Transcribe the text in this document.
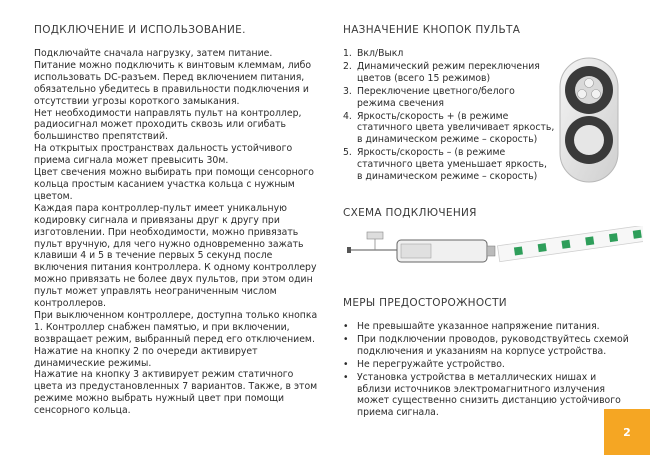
ПОДКЛЮЧЕНИЕ И ИСПОЛЬЗОВАНИЕ.

Подключайте сначала нагрузку, затем питание.

Питание можно подключить к винтовым клеммам, либо использовать DC-разъем. Перед включением питания, обязательно убедитесь в правильности подключения и отсутствии угрозы короткого замыкания.

Нет необходимости направлять пульт на контроллер, радиосигнал может проходить сквозь или огибать большинство препятствий.

На открытых пространствах дальность устойчивого приема сигнала может превысить 30м.

Цвет свечения можно выбирать при помощи сенсорного кольца простым касанием участка кольца с нужным цветом.

Каждая пара контроллер-пульт имеет уникальную кодировку сигнала и привязаны друг к другу при изготовлении. При необходимости, можно привязать пульт вручную, для чего нужно одновременно зажать клавиши 4 и 5 в течение первых 5 секунд после включения питания контроллера. К одному контроллеру можно привязать не более двух пультов, при этом один пульт может управлять неограниченным числом контроллеров.

При выключенном контроллере, доступна только кнопка 1. Контроллер снабжен памятью, и при включении, возвращает режим, выбранный перед его отключением.

Нажатие на кнопку 2 по очереди активирует динамические режимы.

Нажатие на кнопку 3 активирует режим статичного цвета из предустановленных 7 вариантов. Также, в этом режиме можно выбрать нужный цвет при помощи сенсорного кольца.

НАЗНАЧЕНИЕ КНОПОК ПУЛЬТА
1. Вкл/Выкл
2. Динамический режим переключения цветов (всего 15 режимов)
3. Переключение цветного/белого режима свечения
4. Яркость/скорость + (в режиме статичного цвета увеличивает яркость, в динамическом режиме – скорость)
5. Яркость/скорость – (в режиме статичного цвета уменьшает яркость, в динамическом режиме – скорость)
СХЕМА ПОДКЛЮЧЕНИЯ
МЕРЫ ПРЕДОСТОРОЖНОСТИ
• Не превышайте указанное напряжение питания.
• При подключении проводов, руководствуйтесь схемой подключения и указаниям на корпусе устройства.
• Не перегружайте устройство.
• Установка устройства в металлических нишах и вблизи источников электромагнитного излучения может существенно снизить дистанцию устойчивого приема сигнала.
2
